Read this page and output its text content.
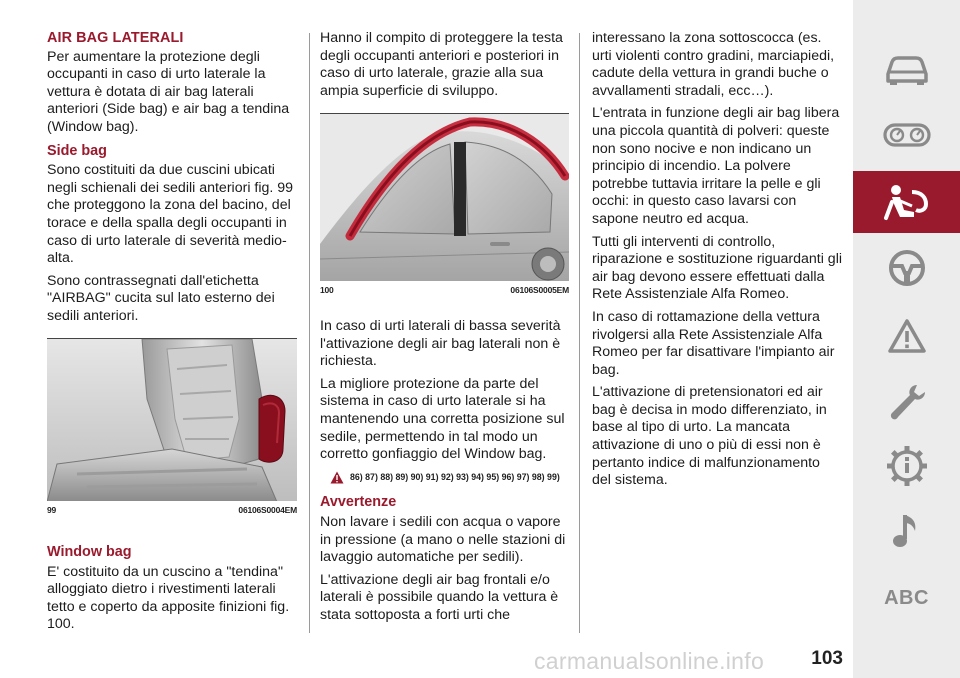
AIR BAG LATERALI

Per aumentare la protezione degli occupanti in caso di urto laterale la vettura è dotata di air bag laterali anteriori (Side bag) e air bag a tendina (Window bag).

Side bag

Sono costituiti da due cuscini ubicati negli schienali dei sedili anteriori fig. 99 che proteggono la zona del bacino, del torace e della spalla degli occupanti in caso di urto laterale di severità medio-alta.

Sono contrassegnati dall'etichetta "AIRBAG" cucita sul lato esterno dei sedili anteriori.

99	06106S0004EM
Window bag

E' costituito da un cuscino a "tendina" alloggiato dietro i rivestimenti laterali tetto e coperto da apposite finizioni fig. 100.

Hanno il compito di proteggere la testa degli occupanti anteriori e posteriori in caso di urto laterale, grazie alla sua ampia superficie di sviluppo.

100	06106S0005EM

In caso di urti laterali di bassa severità l'attivazione degli air bag laterali non è richiesta.

La migliore protezione da parte del sistema in caso di urto laterale si ha mantenendo una corretta posizione sul sedile, permettendo in tal modo un corretto gonfiaggio del Window bag.

86) 87) 88) 89) 90) 91) 92) 93) 94) 95) 96) 97) 98) 99)
Avvertenze

Non lavare i sedili con acqua o vapore in pressione (a mano o nelle stazioni di lavaggio automatiche per sedili).

L'attivazione degli air bag frontali e/o laterali è possibile quando la vettura è stata sottoposta a forti urti che

interessano la zona sottoscocca (es. urti violenti contro gradini, marciapiedi, cadute della vettura in grandi buche o avvallamenti stradali, ecc…).

L'entrata in funzione degli air bag libera una piccola quantità di polveri: queste non sono nocive e non indicano un principio di incendio. La polvere potrebbe tuttavia irritare la pelle e gli occhi: in questo caso lavarsi con sapone neutro ed acqua.

Tutti gli interventi di controllo, riparazione e sostituzione riguardanti gli air bag devono essere effettuati dalla Rete Assistenziale Alfa Romeo.

In caso di rottamazione della vettura rivolgersi alla Rete Assistenziale Alfa Romeo per far disattivare l'impianto air bag.

L'attivazione di pretensionatori ed air bag è decisa in modo differenziato, in base al tipo di urto. La mancata attivazione di uno o più di essi non è pertanto indice di malfunzionamento del sistema.

ABC
carmanualsonline.info 103
